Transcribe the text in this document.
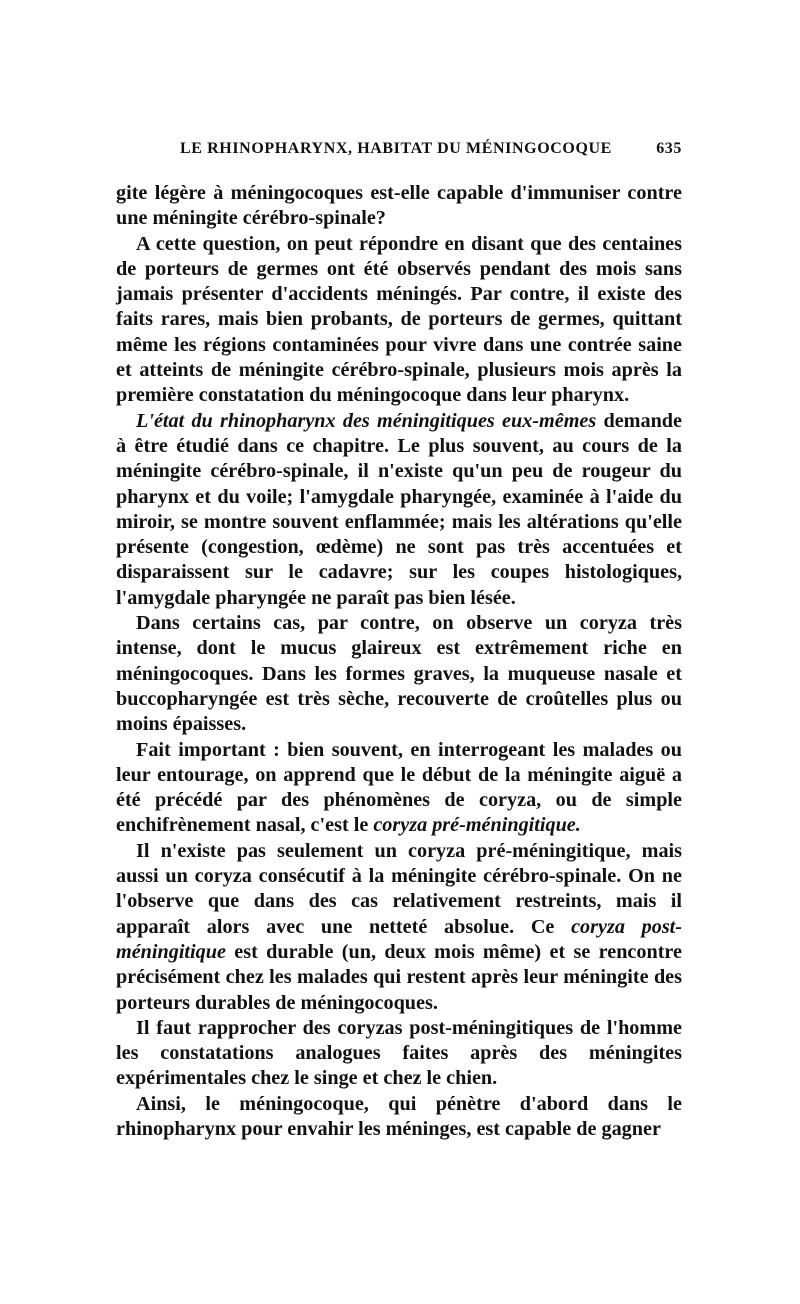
LE RHINOPHARYNX, HABITAT DU MÉNINGOCOQUE	635

gite légère à méningocoques est-elle capable d'immuniser contre une méningite cérébro-spinale?

A cette question, on peut répondre en disant que des centaines de porteurs de germes ont été observés pendant des mois sans jamais présenter d'accidents méningés. Par contre, il existe des faits rares, mais bien probants, de porteurs de germes, quittant même les régions contaminées pour vivre dans une contrée saine et atteints de méningite cérébro-spinale, plusieurs mois après la première constatation du méningocoque dans leur pharynx.

L'état du rhinopharynx des méningitiques eux-mêmes demande à être étudié dans ce chapitre. Le plus souvent, au cours de la méningite cérébro-spinale, il n'existe qu'un peu de rougeur du pharynx et du voile; l'amygdale pharyngée, examinée à l'aide du miroir, se montre souvent enflammée; mais les altérations qu'elle présente (congestion, œdème) ne sont pas très accentuées et disparaissent sur le cadavre; sur les coupes histologiques, l'amygdale pharyngée ne paraît pas bien lésée.

Dans certains cas, par contre, on observe un coryza très intense, dont le mucus glaireux est extrêmement riche en méningocoques. Dans les formes graves, la muqueuse nasale et buccopharyngée est très sèche, recouverte de croûtelles plus ou moins épaisses.

Fait important : bien souvent, en interrogeant les malades ou leur entourage, on apprend que le début de la méningite aiguë a été précédé par des phénomènes de coryza, ou de simple enchifrènement nasal, c'est le coryza pré-méningitique.

Il n'existe pas seulement un coryza pré-méningitique, mais aussi un coryza consécutif à la méningite cérébro-spinale. On ne l'observe que dans des cas relativement restreints, mais il apparaît alors avec une netteté absolue. Ce coryza post-méningitique est durable (un, deux mois même) et se rencontre précisément chez les malades qui restent après leur méningite des porteurs durables de méningocoques.

Il faut rapprocher des coryzas post-méningitiques de l'homme les constatations analogues faites après des méningites expérimentales chez le singe et chez le chien.

Ainsi, le méningocoque, qui pénètre d'abord dans le rhinopharynx pour envahir les méninges, est capable de gagner
